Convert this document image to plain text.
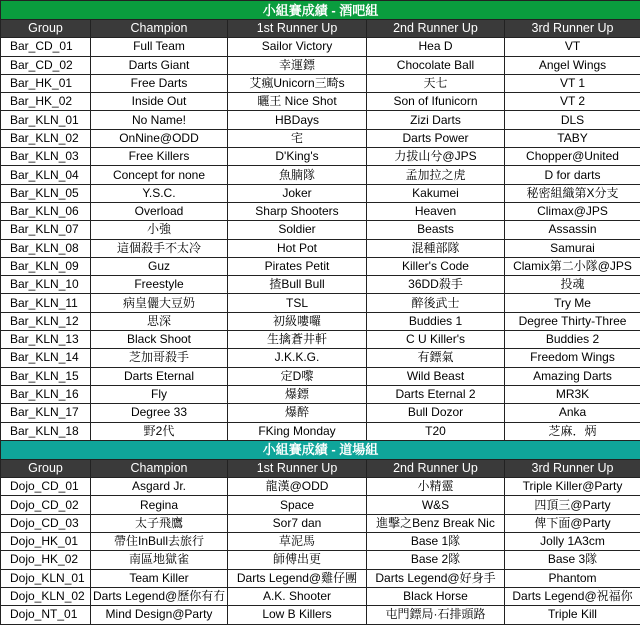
小組賽成績 - 酒吧組				
Group	Champion	1st Runner Up	2nd Runner Up	3rd Runner Up
Bar_CD_01	Full Team	Sailor Victory	Hea D	VT
Bar_CD_02	Darts Giant	幸運鏢	Chocolate Ball	Angel Wings
Bar_HK_01	Free Darts	艾瘋Unicorn三畸s	天七	VT 1
Bar_HK_02	Inside Out	曬王 Nice Shot	Son of Ifunicorn	VT 2
Bar_KLN_01	No Name!	HBDays	Zizi Darts	DLS
Bar_KLN_02	OnNine@ODD	宅	Darts Power	TABY
Bar_KLN_03	Free Killers	D'King's	力拔山兮@JPS	Chopper@United
Bar_KLN_04	Concept for none	魚腩隊	孟加拉之虎	D for darts
Bar_KLN_05	Y.S.C.	Joker	Kakumei	秘密組織第X分支
Bar_KLN_06	Overload	Sharp Shooters	Heaven	Climax@JPS
Bar_KLN_07	小強	Soldier	Beasts	Assassin
Bar_KLN_08	這個殺手不太冷	Hot Pot	混種部隊	Samurai
Bar_KLN_09	Guz	Pirates Petit	Killer's Code	Clamix第二小隊@JPS
Bar_KLN_10	Freestyle	揸Bull Bull	36DD殺手	投魂
Bar_KLN_11	病皇儷大豆奶	TSL	醉後武士	Try Me
Bar_KLN_12	思深	初級嘍囉	Buddies 1	Degree Thirty-Three
Bar_KLN_13	Black Shoot	生擒蒼井軒	C U Killer's	Buddies 2
Bar_KLN_14	芝加哥殺手	J.K.K.G.	有鏢氣	Freedom Wings
Bar_KLN_15	Darts Eternal	定D嚟	Wild Beast	Amazing Darts
Bar_KLN_16	Fly	爆鏢	Darts Eternal 2	MR3K
Bar_KLN_17	Degree 33	爆醉	Bull Dozor	Anka
Bar_KLN_18	野2代	FKing Monday	T20	芝麻．炳
小組賽成績 - 道場組				
Group	Champion	1st Runner Up	2nd Runner Up	3rd Runner Up
Dojo_CD_01	Asgard Jr.	龍漢@ODD	小精靈	Triple Killer@Party
Dojo_CD_02	Regina	Space	W&S	四頂三@Party
Dojo_CD_03	太子飛鷹	Sor7 dan	進擊之Benz Break Nic	俾下面@Party
Dojo_HK_01	帶住InBull去旅行	草泥馬	Base 1隊	Jolly 1A3cm
Dojo_HK_02	南區地獄雀	師傅出更	Base 2隊	Base 3隊
Dojo_KLN_01	Team Killer	Darts Legend@雞仔團	Darts Legend@好身手	Phantom
Dojo_KLN_02	Darts Legend@歷你有冇	A.K. Shooter	Black Horse	Darts Legend@祝福你
Dojo_NT_01	Mind Design@Party	Low B Killers	屯門鏢局·石排頭路	Triple Kill
